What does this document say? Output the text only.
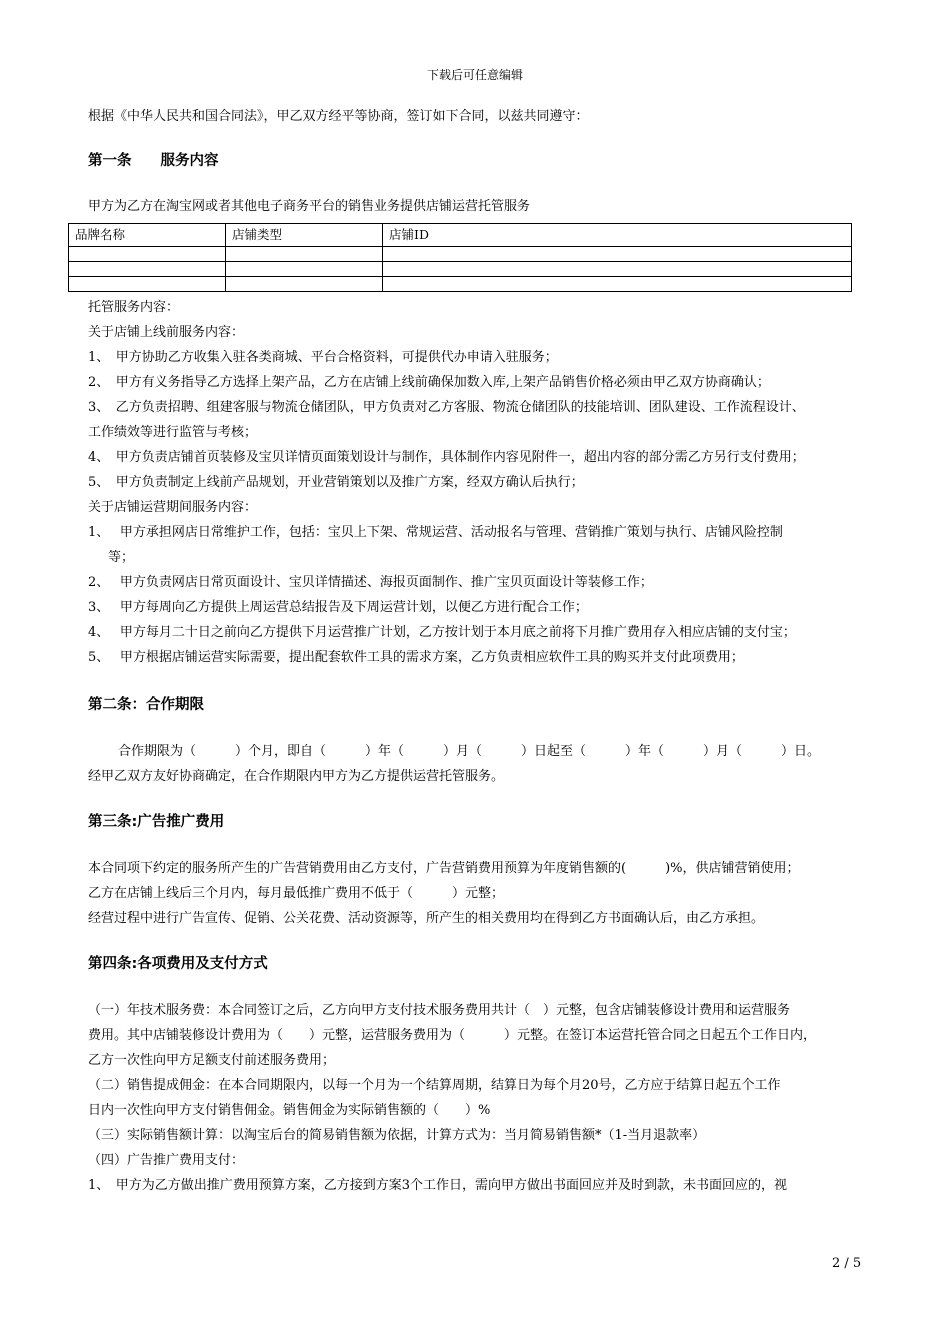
下载后可任意编辑
根据《中华人民共和国合同法》，甲乙双方经平等协商，签订如下合同，以兹共同遵守：
第一条　　服务内容
甲方为乙方在淘宝网或者其他电子商务平台的销售业务提供店铺运营托管服务
品牌名称	店铺类型	店铺ID

托管服务内容：
关于店铺上线前服务内容：
1、　甲方协助乙方收集入驻各类商城、平台合格资料，可提供代办申请入驻服务；
2、　甲方有义务指导乙方选择上架产品，乙方在店铺上线前确保加数入库,上架产品销售价格必须由甲乙双方协商确认；
3、　乙方负责招聘、组建客服与物流仓储团队，甲方负责对乙方客服、物流仓储团队的技能培训、团队建设、工作流程设计、
工作绩效等进行监管与考核；
4、　甲方负责店铺首页装修及宝贝详情页面策划设计与制作，具体制作内容见附件一，超出内容的部分需乙方另行支付费用；
5、　甲方负责制定上线前产品规划，开业营销策划以及推广方案，经双方确认后执行；
关于店铺运营期间服务内容：
1、　 甲方承担网店日常维护工作，包括：宝贝上下架、常规运营、活动报名与管理、营销推广策划与执行、店铺风险控制
等；
2、　 甲方负责网店日常页面设计、宝贝详情描述、海报页面制作、推广宝贝页面设计等装修工作；
3、　 甲方每周向乙方提供上周运营总结报告及下周运营计划，以便乙方进行配合工作；
4、　 甲方每月二十日之前向乙方提供下月运营推广计划，乙方按计划于本月底之前将下月推广费用存入相应店铺的支付宝；
5、　 甲方根据店铺运营实际需要，提出配套软件工具的需求方案，乙方负责相应软件工具的购买并支付此项费用；
第二条：合作期限
合作期限为（　　　）个月，即自（　　　）年（　　　）月（　　　）日起至（　　　）年（　　　）月（　　　）日。
经甲乙双方友好协商确定，在合作期限内甲方为乙方提供运营托管服务。
第三条:广告推广费用
本合同项下约定的服务所产生的广告营销费用由乙方支付，广告营销费用预算为年度销售额的(　　　)%，供店铺营销使用；
乙方在店铺上线后三个月内，每月最低推广费用不低于（　　　）元整；
经营过程中进行广告宣传、促销、公关花费、活动资源等，所产生的相关费用均在得到乙方书面确认后，由乙方承担。
第四条:各项费用及支付方式
（一）年技术服务费：本合同签订之后，乙方向甲方支付技术服务费用共计（　）元整，包含店铺装修设计费用和运营服务
费用。其中店铺装修设计费用为（　　）元整，运营服务费用为（　　　）元整。在签订本运营托管合同之日起五个工作日内，
乙方一次性向甲方足额支付前述服务费用；
（二）销售提成佣金：在本合同期限内，以每一个月为一个结算周期，结算日为每个月20号，乙方应于结算日起五个工作
日内一次性向甲方支付销售佣金。销售佣金为实际销售额的（　　）%
（三）实际销售额计算：以淘宝后台的简易销售额为依据，计算方式为：当月简易销售额*（1-当月退款率）
（四）广告推广费用支付：
1、　甲方为乙方做出推广费用预算方案，乙方接到方案3个工作日，需向甲方做出书面回应并及时到款，未书面回应的，视
2 / 5
